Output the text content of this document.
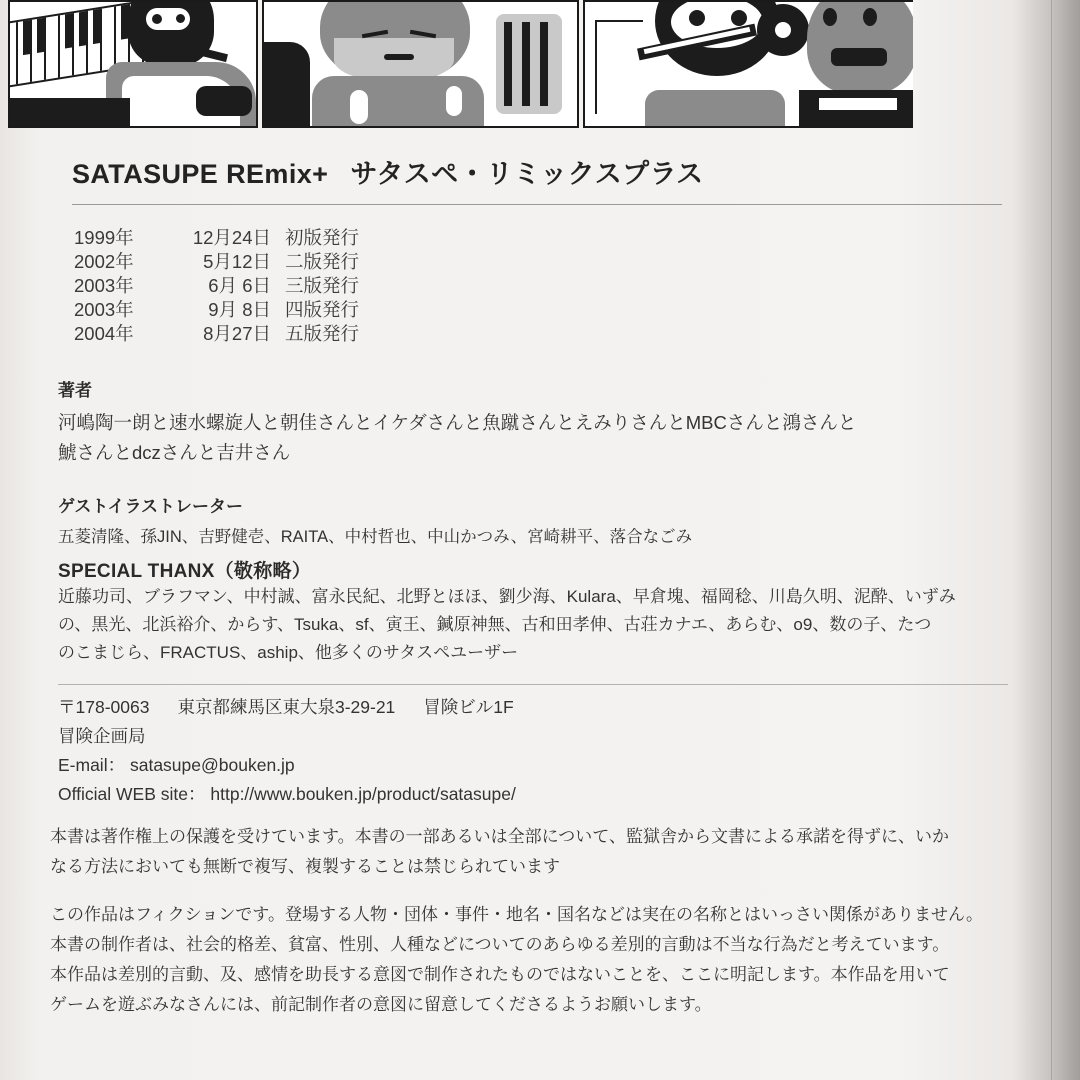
SATASUPE REmix+ サタスペ・リミックスプラス
1999年	12月24日 初版発行
2002年	5月12日 二版発行
2003年	6月 6日 三版発行
2003年	9月 8日 四版発行
2004年	8月27日 五版発行
著者
河嶋陶一朗と速水螺旋人と朝佳さんとイケダさんと魚蹴さんとえみりさんとMBCさんと鴻さんと
鯱さんとdczさんと吉井さん
ゲストイラストレーター
五菱清隆、孫JIN、吉野健壱、RAITA、中村哲也、中山かつみ、宮崎耕平、落合なごみ
SPECIAL THANX（敬称略）
近藤功司、ブラフマン、中村誠、富永民紀、北野とほほ、劉少海、Kulara、早倉塊、福岡稔、川島久明、泥酔、いずみ
の、黒光、北浜裕介、からす、Tsuka、sf、寅王、鍼原神無、古和田孝伸、古荘カナエ、あらむ、o9、数の子、たつ
のこまじら、FRACTUS、aship、他多くのサタスペユーザー
〒178-0063 東京都練馬区東大泉3-29-21 冒険ビル1F
冒険企画局
E-mail： satasupe@bouken.jp
Official WEB site： http://www.bouken.jp/product/satasupe/
本書は著作権上の保護を受けています。本書の一部あるいは全部について、監獄舎から文書による承諾を得ずに、いか
なる方法においても無断で複写、複製することは禁じられています
この作品はフィクションです。登場する人物・団体・事件・地名・国名などは実在の名称とはいっさい関係がありません。
本書の制作者は、社会的格差、貧富、性別、人種などについてのあらゆる差別的言動は不当な行為だと考えています。
本作品は差別的言動、及、感情を助長する意図で制作されたものではないことを、ここに明記します。本作品を用いて
ゲームを遊ぶみなさんには、前記制作者の意図に留意してくださるようお願いします。
